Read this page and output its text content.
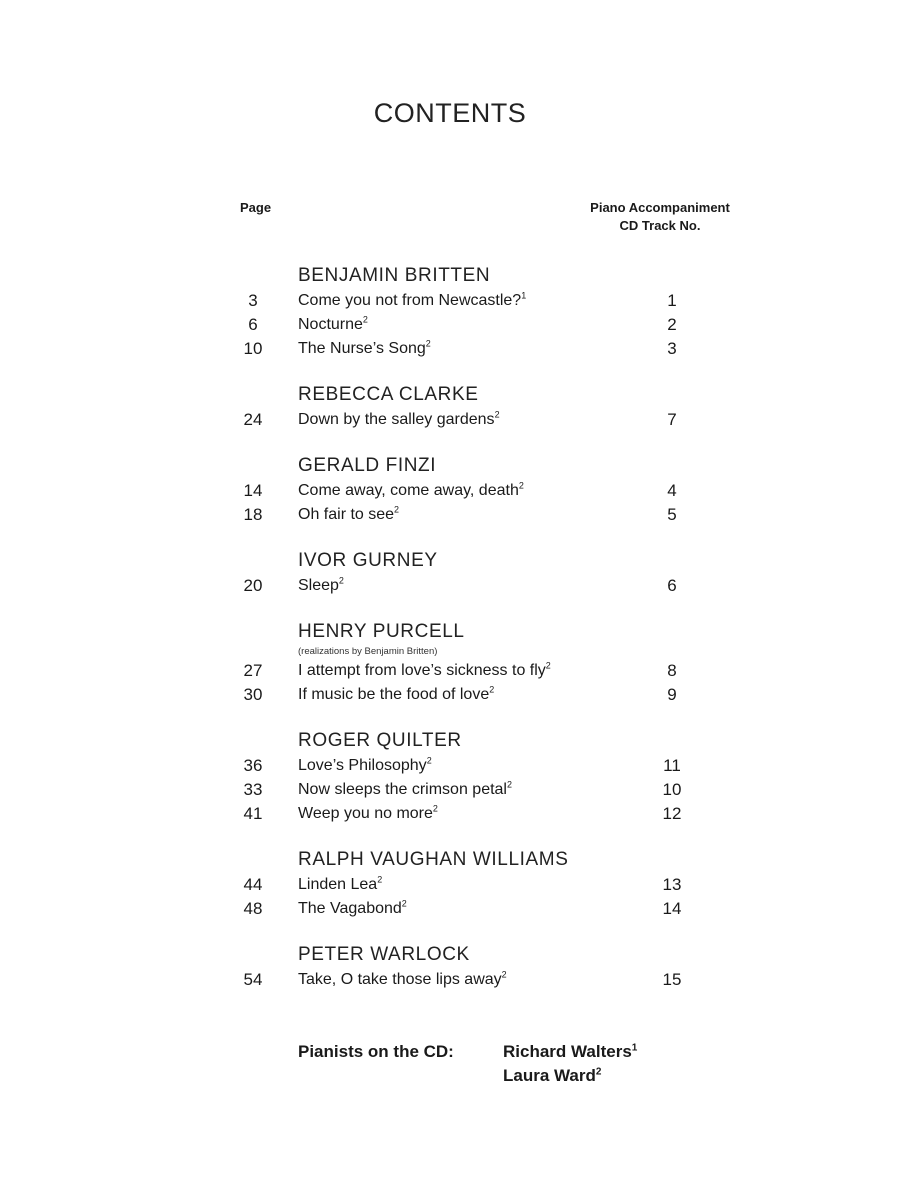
CONTENTS
Page	Piano Accompaniment
CD Track No.
BENJAMIN BRITTEN
3	Come you not from Newcastle?$^1$	1
6	Nocturne$^2$	2
10	The Nurse’s Song$^2$	3
REBECCA CLARKE
24	Down by the salley gardens$^2$	7
GERALD FINZI
14	Come away, come away, death$^2$	4
18	Oh fair to see$^2$	5
IVOR GURNEY
20	Sleep$^2$	6
HENRY PURCELL
(realizations by Benjamin Britten)
27	I attempt from love’s sickness to fly$^2$	8
30	If music be the food of love$^2$	9
ROGER QUILTER
36	Love’s Philosophy$^2$	11
33	Now sleeps the crimson petal$^2$	10
41	Weep you no more$^2$	12
RALPH VAUGHAN WILLIAMS
44	Linden Lea$^2$	13
48	The Vagabond$^2$	14
PETER WARLOCK
54	Take, O take those lips away$^2$	15
Pianists on the CD:	Richard Walters$^1$
Laura Ward$^2$
